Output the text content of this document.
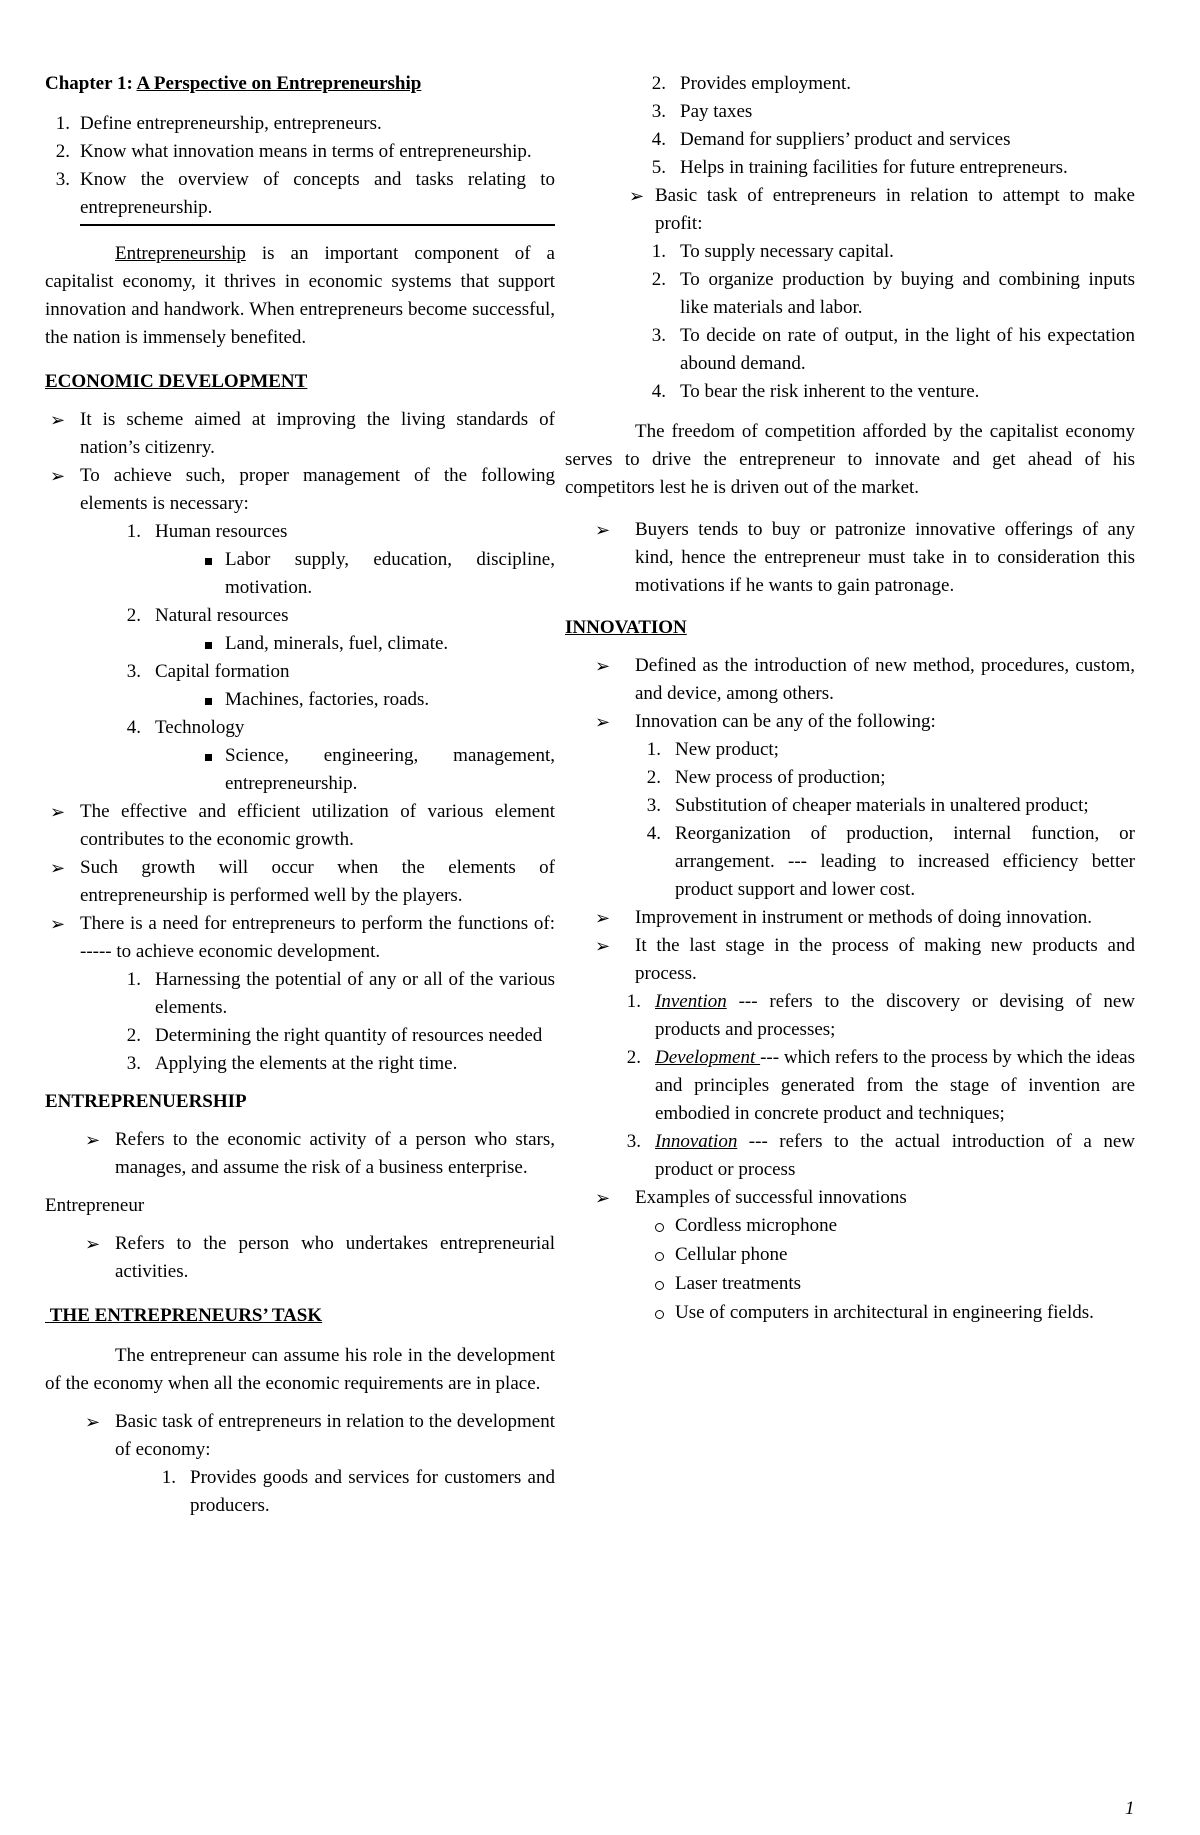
Chapter 1: A Perspective on Entrepreneurship

1. Define entrepreneurship, entrepreneurs.
2. Know what innovation means in terms of entrepreneurship.
3. Know the overview of concepts and tasks relating to entrepreneurship.

Entrepreneurship is an important component of a capitalist economy, it thrives in economic systems that support innovation and handwork. When entrepreneurs become successful, the nation is immensely benefited.

ECONOMIC DEVELOPMENT

➢ It is scheme aimed at improving the living standards of nation’s citizenry.
➢ To achieve such, proper management of the following elements is necessary:
1. Human resources
Labor supply, education, discipline, motivation.
2. Natural resources
Land, minerals, fuel, climate.
3. Capital formation
Machines, factories, roads.
4. Technology
Science, engineering, management, entrepreneurship.
➢ The effective and efficient utilization of various element contributes to the economic growth.
➢ Such growth will occur when the elements of entrepreneurship is performed well by the players.
➢ There is a need for entrepreneurs to perform the functions of: ----- to achieve economic development.
1. Harnessing the potential of any or all of the various elements.
2. Determining the right quantity of resources needed
3. Applying the elements at the right time.

ENTREPRENUERSHIP

➢ Refers to the economic activity of a person who stars, manages, and assume the risk of a business enterprise.

Entrepreneur

➢ Refers to the person who undertakes entrepreneurial activities.

THE ENTREPRENEURS’ TASK

The entrepreneur can assume his role in the development of the economy when all the economic requirements are in place.

➢ Basic task of entrepreneurs in relation to the development of economy:
1. Provides goods and services for customers and producers.
2. Provides employment.
3. Pay taxes
4. Demand for suppliers’ product and services
5. Helps in training facilities for future entrepreneurs.
➢ Basic task of entrepreneurs in relation to attempt to make profit:
1. To supply necessary capital.
2. To organize production by buying and combining inputs like materials and labor.
3. To decide on rate of output, in the light of his expectation abound demand.
4. To bear the risk inherent to the venture.

The freedom of competition afforded by the capitalist economy serves to drive the entrepreneur to innovate and get ahead of his competitors lest he is driven out of the market.

➢	Buyers tends to buy or patronize innovative offerings of any kind, hence the entrepreneur must take in to consideration this motivations if he wants to gain patronage.

INNOVATION

➢	Defined as the introduction of new method, procedures, custom, and device, among others.
➢	Innovation can be any of the following:
1. New product;
2. New process of production;
3. Substitution of cheaper materials in unaltered product;
4. Reorganization of production, internal function, or arrangement. --- leading to increased efficiency better product support and lower cost.
➢	Improvement in instrument or methods of doing innovation.
➢	It the last stage in the process of making new products and process.
1. Invention --- refers to the discovery or devising of new products and processes;
2. Development --- which refers to the process by which the ideas and principles generated from the stage of invention are embodied in concrete product and techniques;
3. Innovation --- refers to the actual introduction of a new product or process
➢	Examples of successful innovations
Cordless microphone
Cellular phone
Laser treatments
Use of computers in architectural in engineering fields.
1
